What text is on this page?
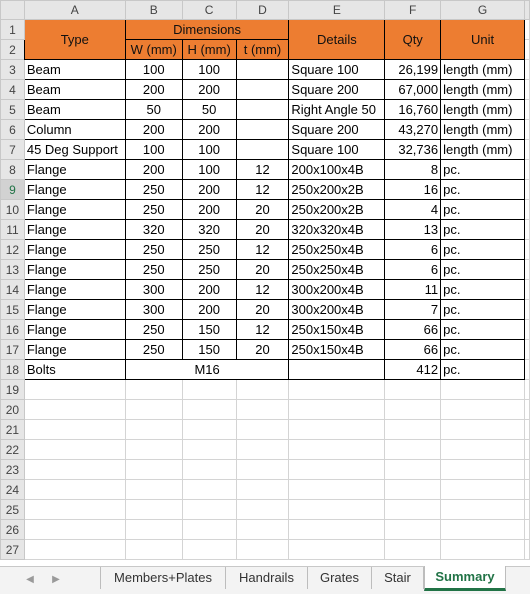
	A	B	C	D	E	F	G	
1	Type	Dimensions			Details	Qty	Unit	
2		W (mm)	H (mm)	t (mm)				
3	Beam	100	100		Square 100	26,199	length (mm)	
4	Beam	200	200		Square 200	67,000	length (mm)	
5	Beam	50	50		Right Angle 50	16,760	length (mm)	
6	Column	200	200		Square 200	43,270	length (mm)	
7	45 Deg Support	100	100		Square 100	32,736	length (mm)	
8	Flange	200	100	12	200x100x4B	8	pc.	
9	Flange	250	200	12	250x200x2B	16	pc.	
10	Flange	250	200	20	250x200x2B	4	pc.	
11	Flange	320	320	20	320x320x4B	13	pc.	
12	Flange	250	250	12	250x250x4B	6	pc.	
13	Flange	250	250	20	250x250x4B	6	pc.	
14	Flange	300	200	12	300x200x4B	11	pc.	
15	Flange	300	200	20	300x200x4B	7	pc.	
16	Flange	250	150	12	250x150x4B	66	pc.	
17	Flange	250	150	20	250x150x4B	66	pc.	
18	Bolts	M16				412	pc.	
19								
20								
21								
22								
23								
24								
25								
26								
27								
◀	▶	Members+Plates	Handrails	Grates	Stair	Summary
